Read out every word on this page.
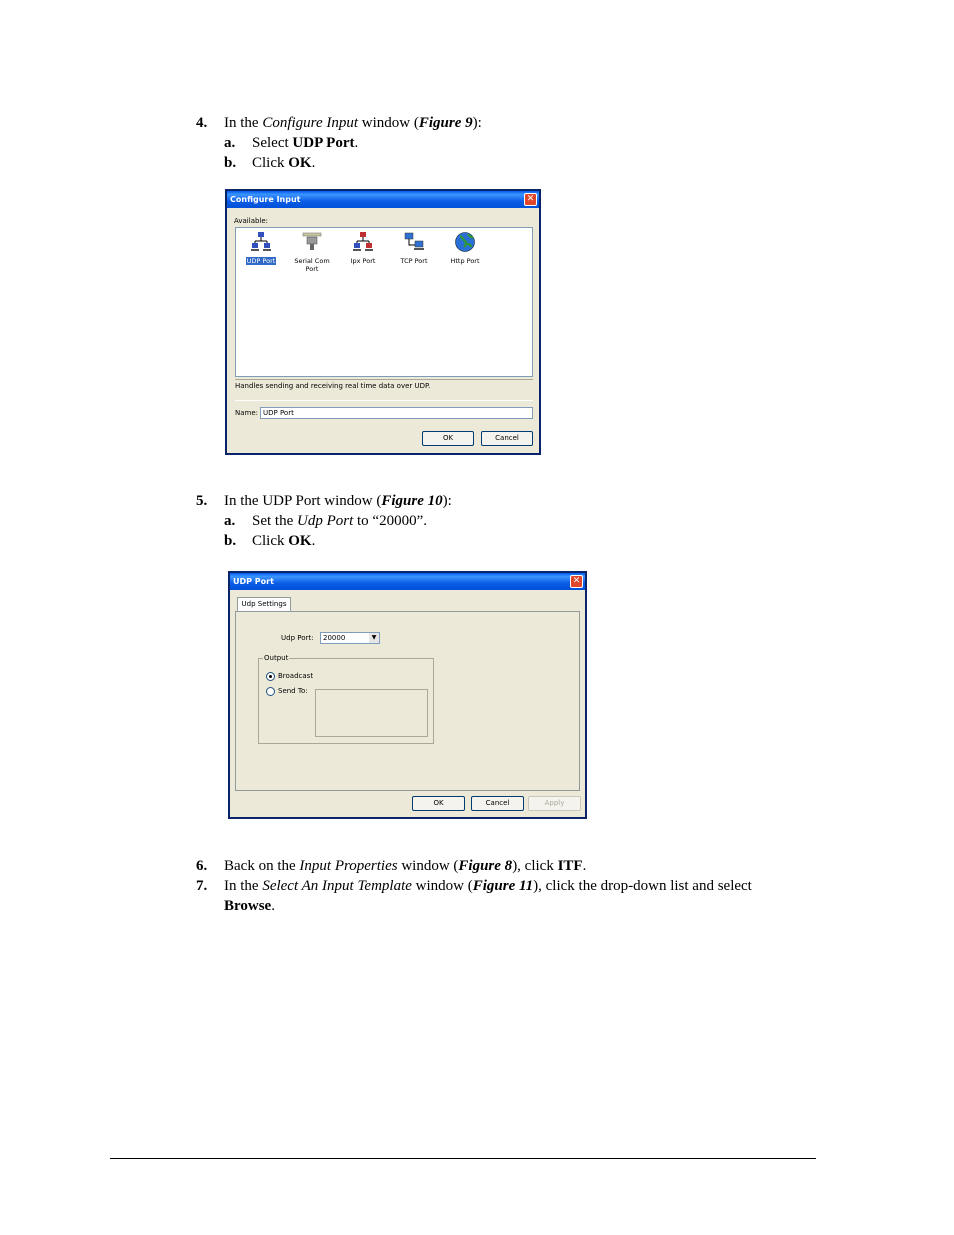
4. In the Configure Input window (Figure 9):
a. Select UDP Port.
b. Click OK.
Configure Input	✕
Available:
UDP Port	Serial Com Port
Ipx Port	TCP Port	Http Port
Handles sending and receiving real time data over UDP.
Name: UDP Port
OK	Cancel
5. In the UDP Port window (Figure 10):
a. Set the Udp Port to “20000”.
b. Click OK.
UDP Port	✕
Udp Settings
Udp Port:	20000	▼
Output
Broadcast
Send To:
OK	Cancel	Apply
6. Back on the Input Properties window (Figure 8), click ITF.
7. In the Select An Input Template window (Figure 11), click the drop-down list and select
Browse.
